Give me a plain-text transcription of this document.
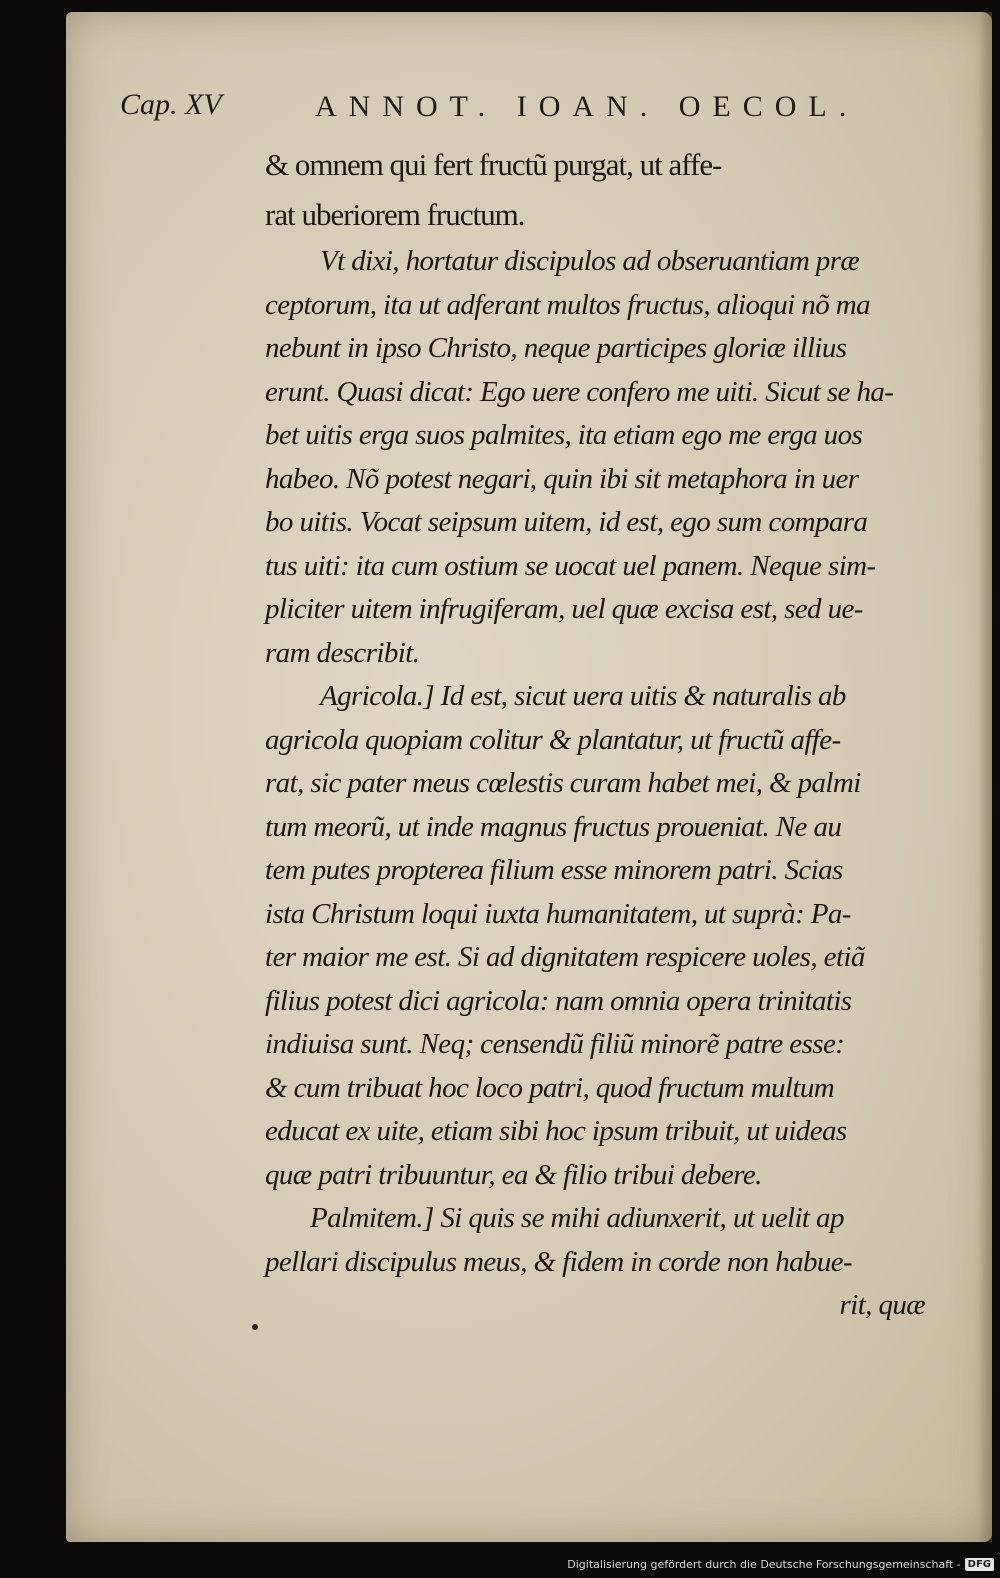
Cap. XV	ANNOT. IOAN. OECOL.
& omnem qui fert fructũ purgat, ut affe-
rat uberiorem fructum.
Vt dixi, hortatur discipulos ad obseruantiam præ
ceptorum, ita ut adferant multos fructus, alioqui nõ ma
nebunt in ipso Christo, neque participes gloriæ illius
erunt. Quasi dicat: Ego uere confero me uiti. Sicut se ha-
bet uitis erga suos palmites, ita etiam ego me erga uos
habeo. Nõ potest negari, quin ibi sit metaphora in uer
bo uitis. Vocat seipsum uitem, id est, ego sum compara
tus uiti: ita cum ostium se uocat uel panem. Neque sim-
pliciter uitem infrugiferam, uel quæ excisa est, sed ue-
ram describit.
Agricola.] Id est, sicut uera uitis & naturalis ab
agricola quopiam colitur & plantatur, ut fructũ affe-
rat, sic pater meus cœlestis curam habet mei, & palmi
tum meorũ, ut inde magnus fructus proueniat. Ne au
tem putes propterea filium esse minorem patri. Scias
ista Christum loqui iuxta humanitatem, ut suprà: Pa-
ter maior me est. Si ad dignitatem respicere uoles, etiã
filius potest dici agricola: nam omnia opera trinitatis
indiuisa sunt. Neq; censendũ filiũ minorẽ patre esse:
& cum tribuat hoc loco patri, quod fructum multum
educat ex uite, etiam sibi hoc ipsum tribuit, ut uideas
quæ patri tribuuntur, ea & filio tribui debere.
Palmitem.] Si quis se mihi adiunxerit, ut uelit ap
pellari discipulus meus, & fidem in corde non habue-
rit, quæ
Digitalisierung gefördert durch die Deutsche Forschungsgemeinschaft - DFG
